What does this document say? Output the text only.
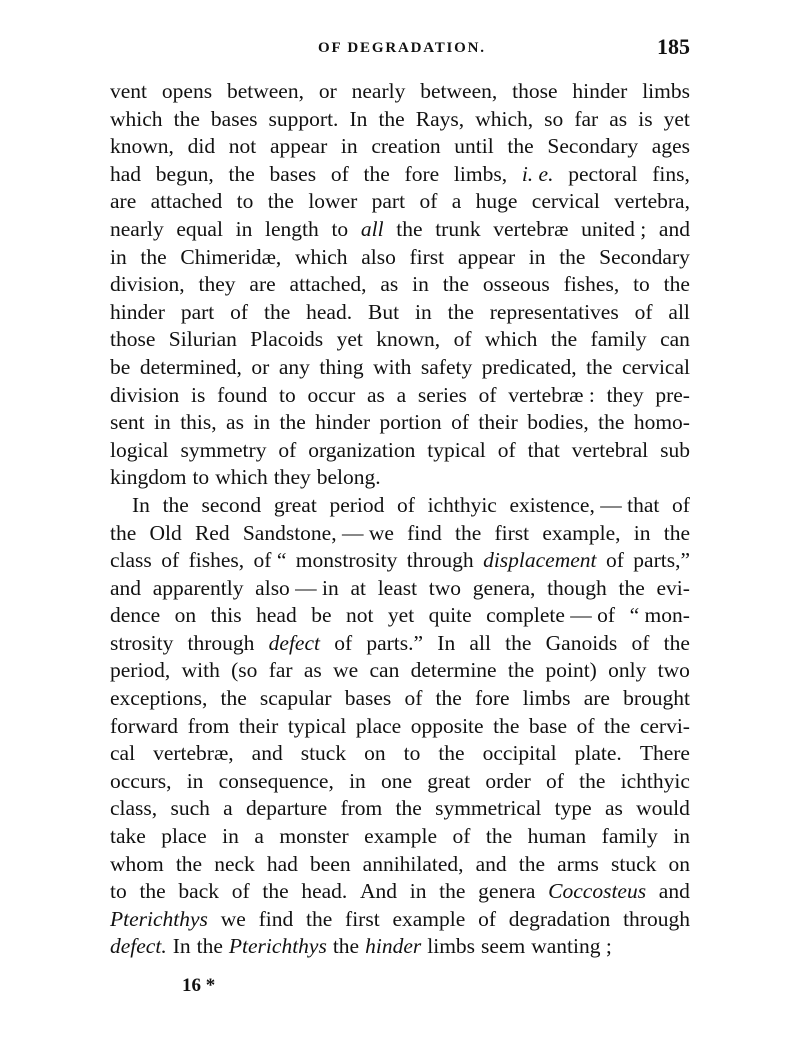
OF DEGRADATION.	185
vent opens between, or nearly between, those hinder limbs
which the bases support. In the Rays, which, so far as is yet
known, did not appear in creation until the Secondary ages
had begun, the bases of the fore limbs, i. e. pectoral fins,
are attached to the lower part of a huge cervical vertebra,
nearly equal in length to all the trunk vertebræ united ; and
in the Chimeridæ, which also first appear in the Secondary
division, they are attached, as in the osseous fishes, to the
hinder part of the head. But in the representatives of all
those Silurian Placoids yet known, of which the family can
be determined, or any thing with safety predicated, the cervical
division is found to occur as a series of vertebræ : they pre-
sent in this, as in the hinder portion of their bodies, the homo-
logical symmetry of organization typical of that vertebral sub
kingdom to which they belong.
In the second great period of ichthyic existence, — that of
the Old Red Sandstone, — we find the first example, in the
class of fishes, of “ monstrosity through displacement of parts,”
and apparently also — in at least two genera, though the evi-
dence on this head be not yet quite complete — of “ mon-
strosity through defect of parts.” In all the Ganoids of the
period, with (so far as we can determine the point) only two
exceptions, the scapular bases of the fore limbs are brought
forward from their typical place opposite the base of the cervi-
cal vertebræ, and stuck on to the occipital plate. There
occurs, in consequence, in one great order of the ichthyic
class, such a departure from the symmetrical type as would
take place in a monster example of the human family in
whom the neck had been annihilated, and the arms stuck on
to the back of the head. And in the genera Coccosteus and
Pterichthys we find the first example of degradation through
defect. In the Pterichthys the hinder limbs seem wanting ;
16 *
